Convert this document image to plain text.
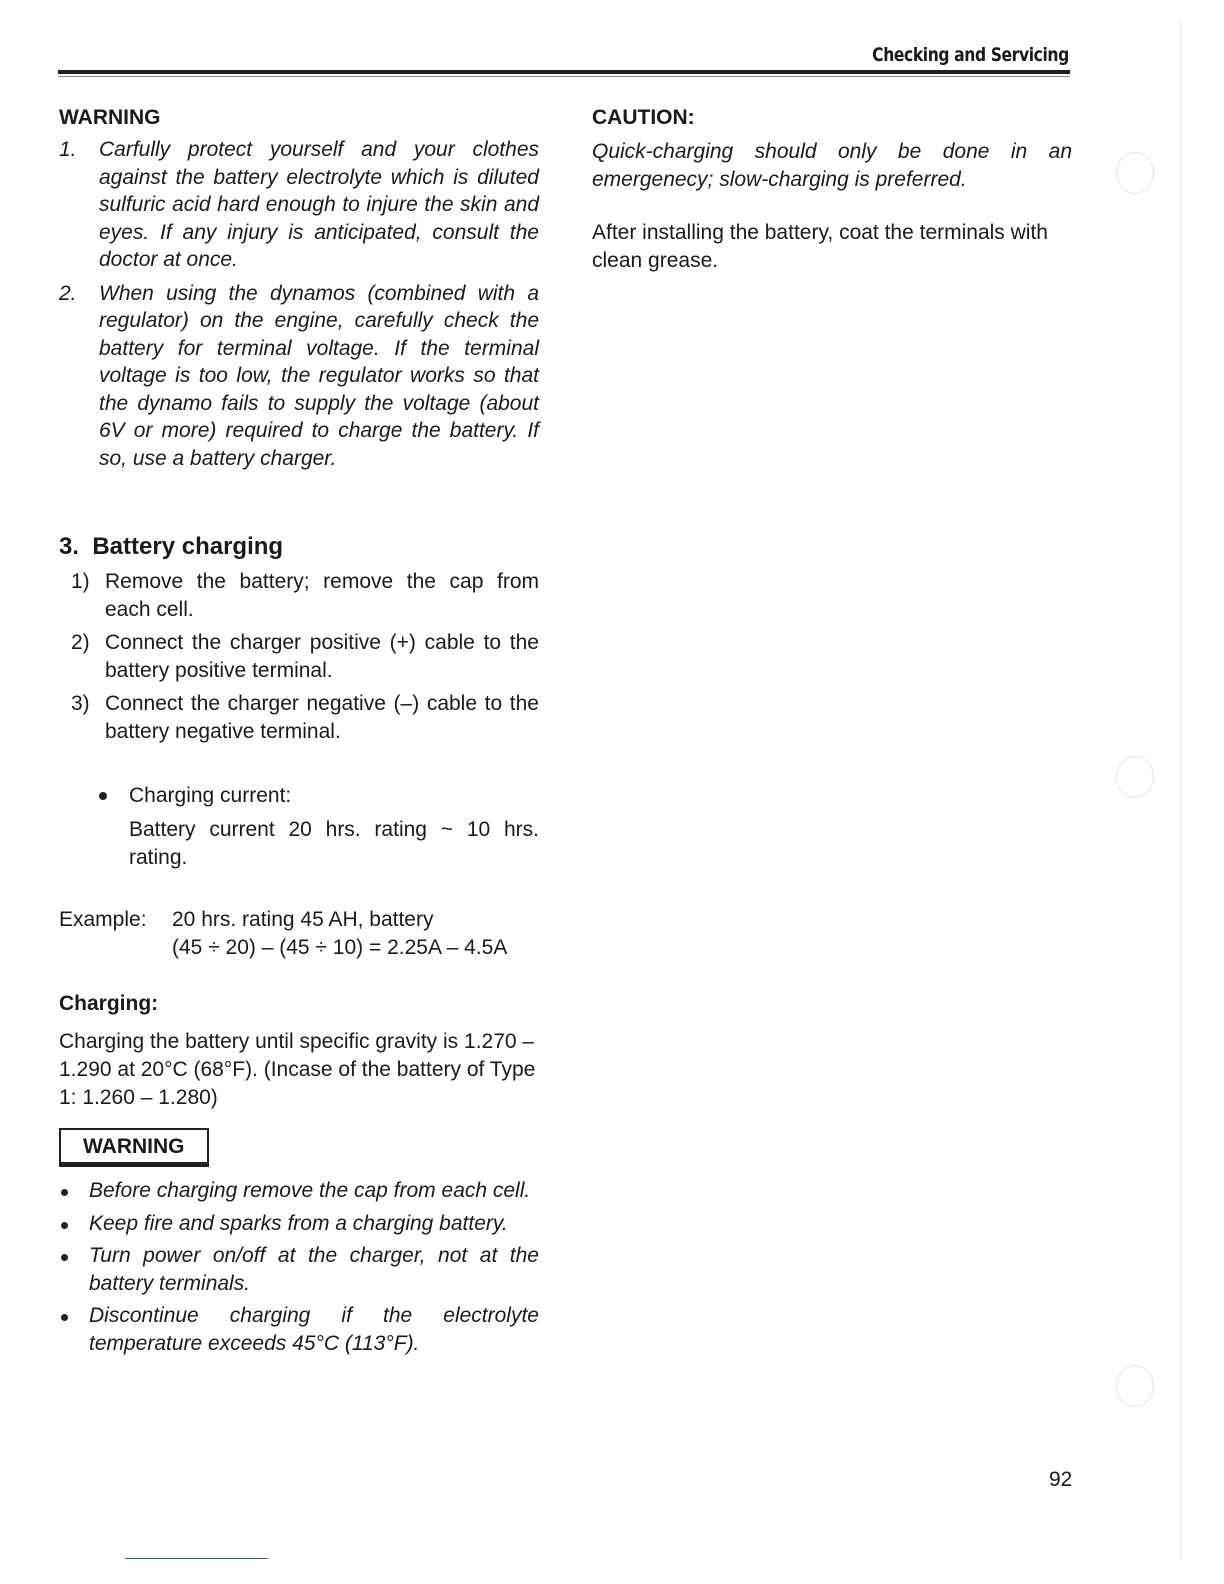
Checking and Servicing
WARNING
1. Carfully protect yourself and your clothes against the battery electrolyte which is diluted sulfuric acid hard enough to injure the skin and eyes. If any injury is anticipated, consult the doctor at once.
2. When using the dynamos (combined with a regulator) on the engine, carefully check the battery for terminal voltage. If the terminal voltage is too low, the regulator works so that the dynamo fails to supply the voltage (about 6V or more) required to charge the battery. If so, use a battery charger.
3.  Battery charging
1) Remove the battery; remove the cap from each cell.
2) Connect the charger positive (+) cable to the battery positive terminal.
3) Connect the charger negative (–) cable to the battery negative terminal.

Charging current:

Battery current 20 hrs. rating ~ 10 hrs. rating.

Example:	20 hrs. rating 45 AH, battery
(45 ÷ 20) – (45 ÷ 10) = 2.25A – 4.5A
Charging:

Charging the battery until specific gravity is 1.270 – 1.290 at 20°C (68°F). (Incase of the battery of Type 1: 1.260 – 1.280)

WARNING
Before charging remove the cap from each cell.
Keep fire and sparks from a charging battery.
Turn power on/off at the charger, not at the battery terminals.
Discontinue charging if the electrolyte temperature exceeds 45°C (113°F).
CAUTION:

Quick-charging should only be done in an emergenecy; slow-charging is preferred.

After installing the battery, coat the terminals with clean grease.

92
